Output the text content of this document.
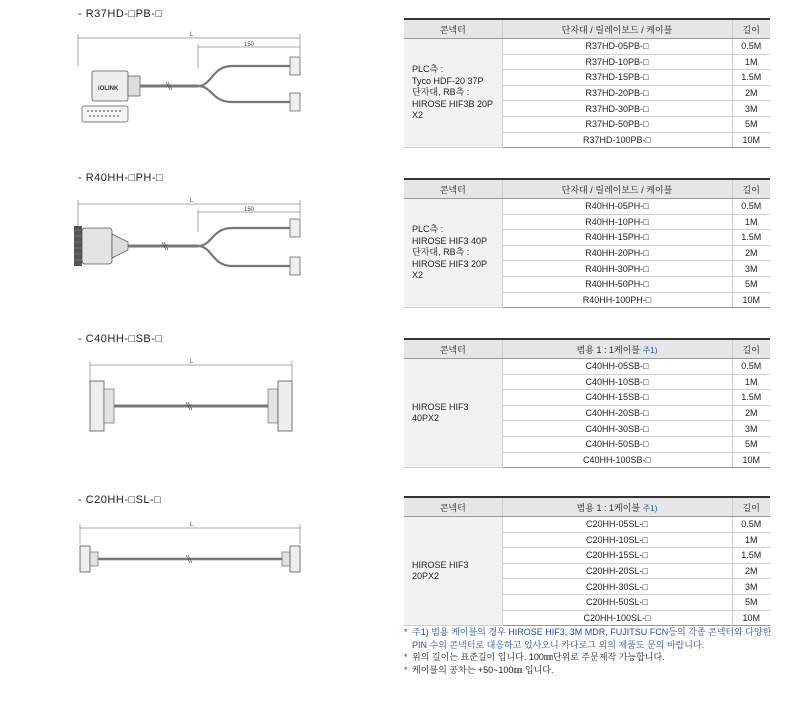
- R37HD-□PB-□
L
150
iOLINK
콘넥터	단자대 / 릴레이보드 / 케이블	길이

PLC측 :
Tyco HDF-20 37P
단자대, RB측 :
HIROSE HIF3B 20P
X2	R37HD-05PB-□	0.5M
	R37HD-10PB-□	1M
	R37HD-15PB-□	1.5M
	R37HD-20PB-□	2M
	R37HD-30PB-□	3M
	R37HD-50PB-□	5M
	R37HD-100PB-□	10M
- R40HH-□PH-□
L
150
콘넥터	단자대 / 릴레이보드 / 케이블	길이

PLC측 :
HIROSE HIF3 40P
단자대, RB측 :
HIROSE HIF3 20P
X2	R40HH-05PH-□	0.5M
	R40HH-10PH-□	1M
	R40HH-15PH-□	1.5M
	R40HH-20PH-□	2M
	R40HH-30PH-□	3M
	R40HH-50PH-□	5M
	R40HH-100PH-□	10M
- C40HH-□SB-□
L
콘넥터	범용 1 : 1케이블 주1)	길이

HIROSE HIF3
40PX2	C40HH-05SB-□	0.5M
	C40HH-10SB-□	1M
	C40HH-15SB-□	1.5M
	C40HH-20SB-□	2M
	C40HH-30SB-□	3M
	C40HH-50SB-□	5M
	C40HH-100SB-□	10M
- C20HH-□SL-□
L
콘넥터	범용 1 : 1케이블 주1)	길이

HIROSE HIF3
20PX2	C20HH-05SL-□	0.5M
	C20HH-10SL-□	1M
	C20HH-15SL-□	1.5M
	C20HH-20SL-□	2M
	C20HH-30SL-□	3M
	C20HH-50SL-□	5M
	C20HH-100SL-□	10M
* 주1) 범용 케이블의 경우 HIROSE HIF3, 3M MDR, FUJITSU FCN등의 각종 콘넥터와 다양한 PIN 수의 콘넥터로 대응하고 있사오니 카다로그 외의 제품도 문의 바랍니다.
* 위의 길이는 표준길이 입니다. 100㎜단위로 주문제작 가능합니다.
* 케이블의 공차는 +50~100㎜ 입니다.
